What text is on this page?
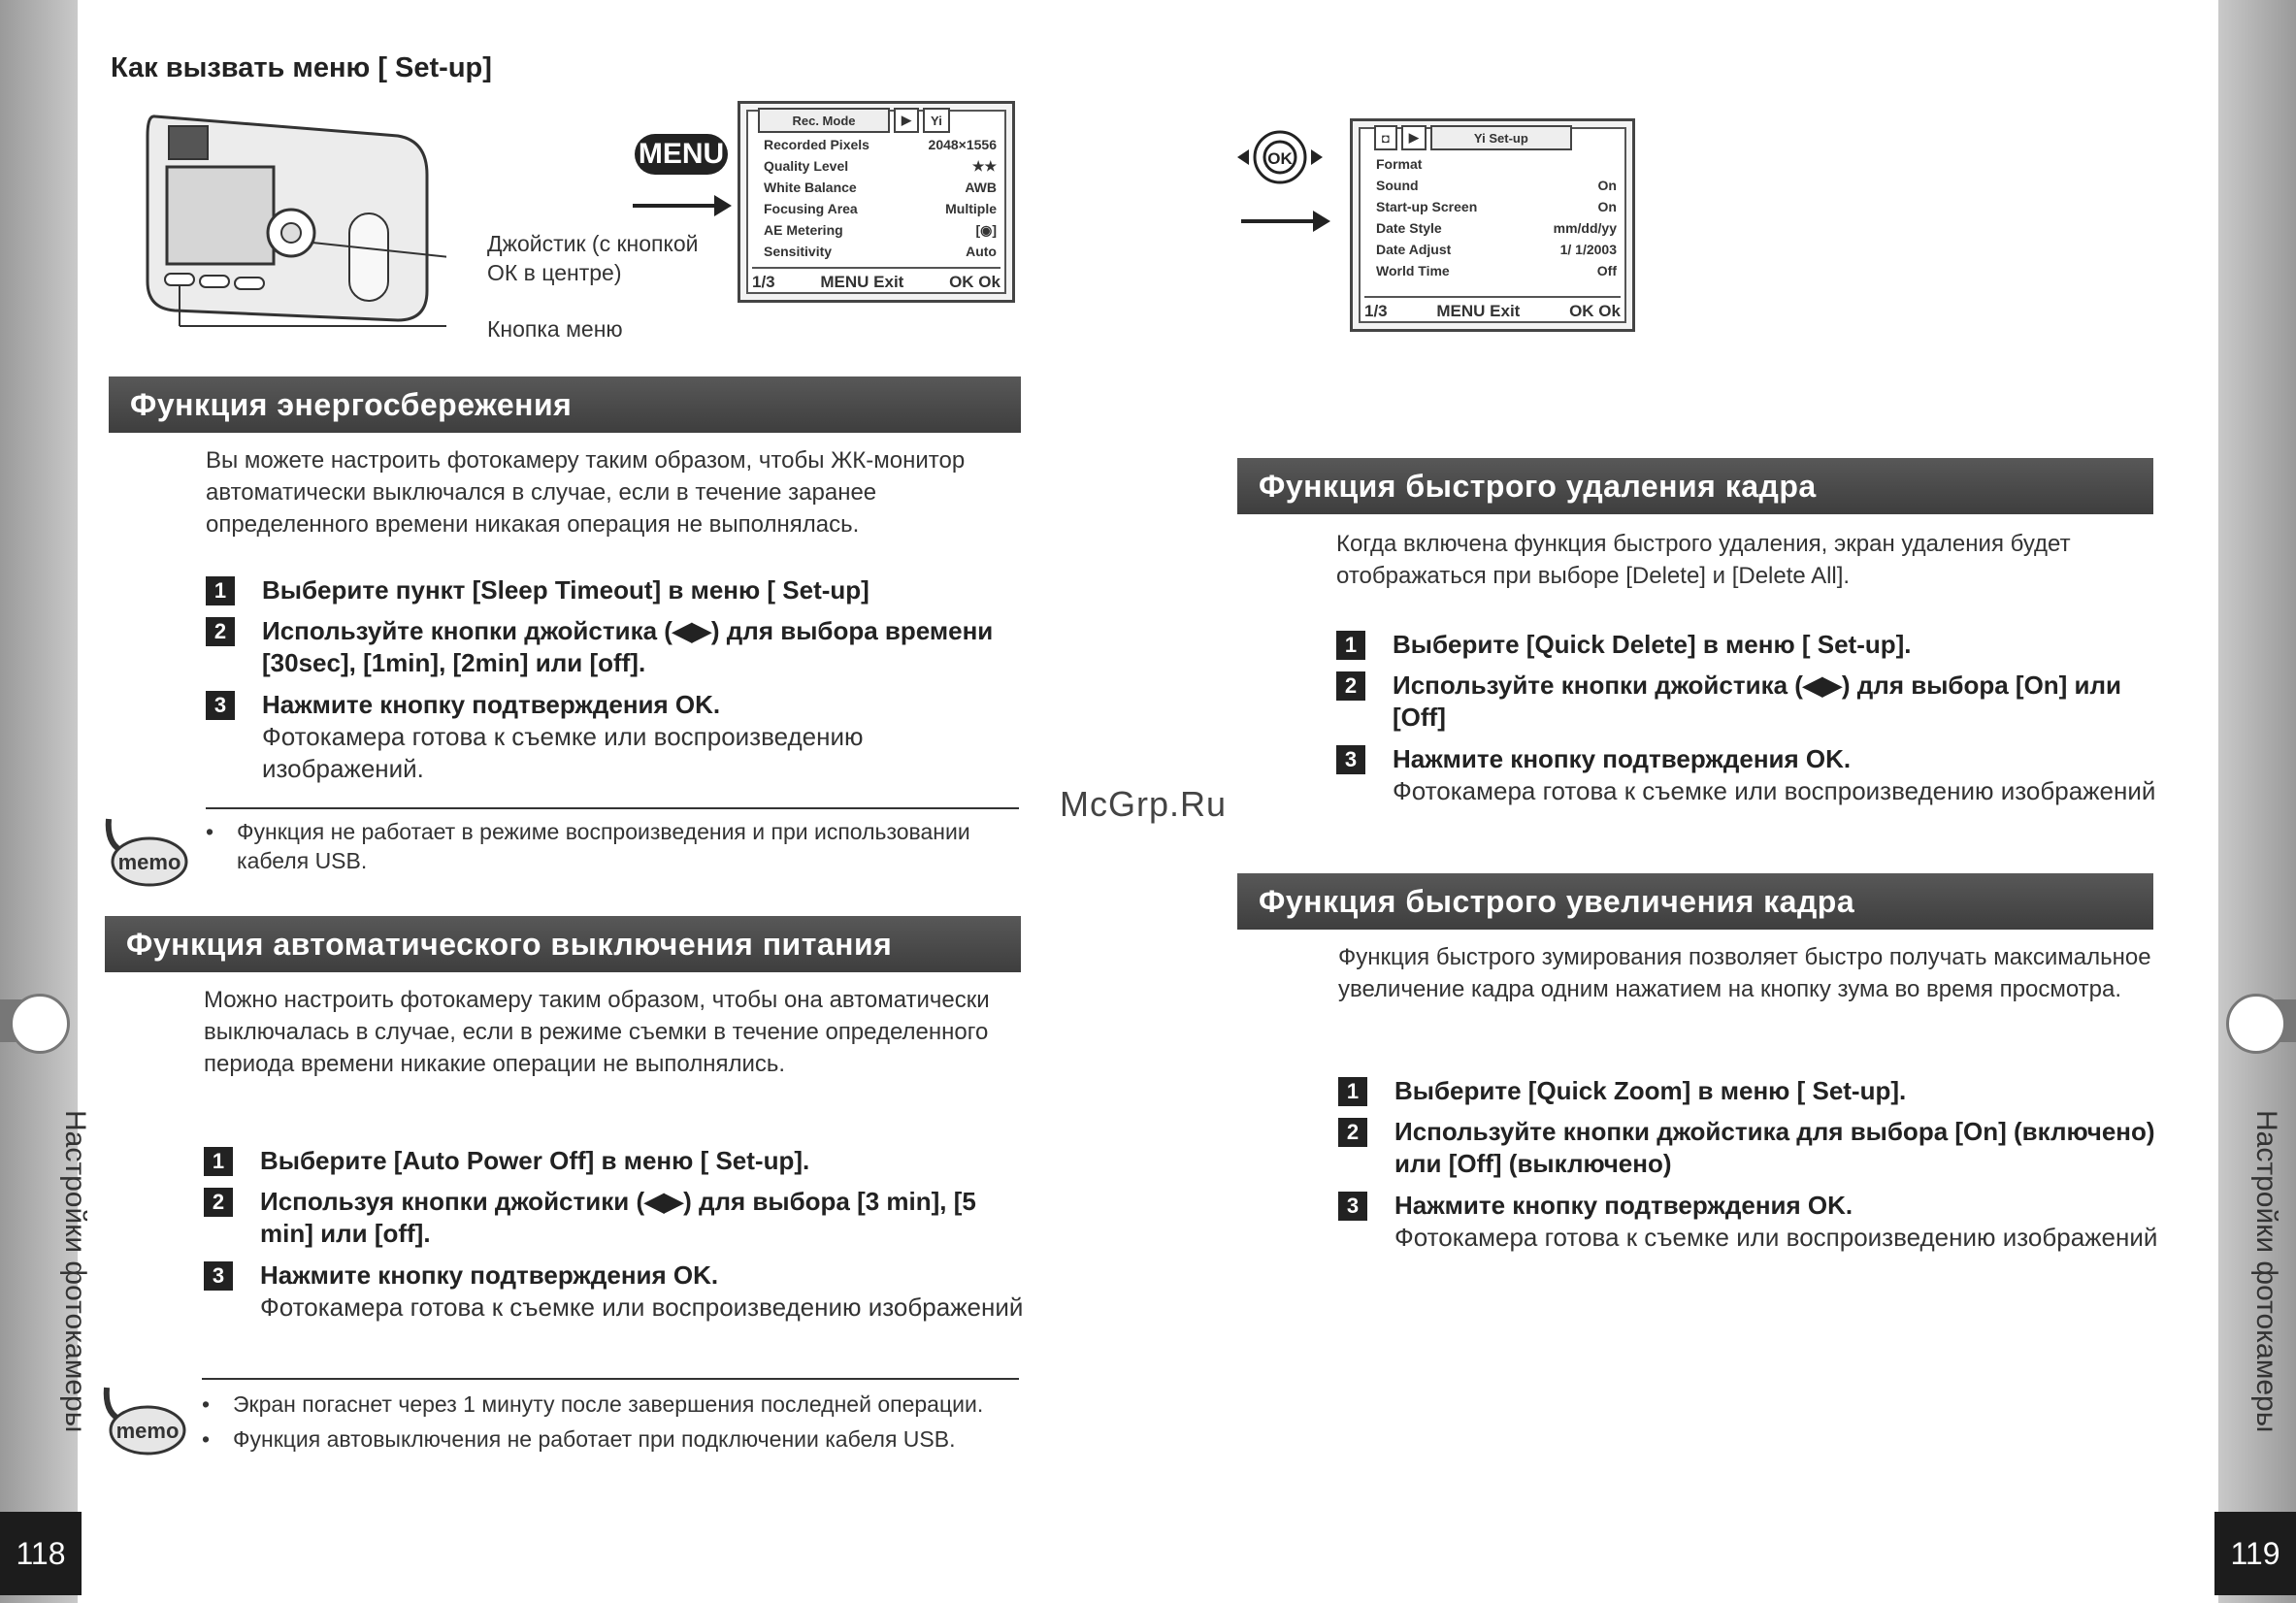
Настройки фотокамеры
118
Как вызвать меню [ Set-up]
Джойстик (с кнопкой ОК в центре)
Кнопка меню
MENU
Rec. Mode	▶	Yi
Recorded Pixels	2048×1556
Quality Level	★★
White Balance	AWB
Focusing Area	Multiple
AE Metering	[◉]
Sensitivity	Auto
1/3	MENU Exit	OK Ok
Функция энергосбережения
Вы можете настроить фотокамеру таким образом, чтобы ЖК-монитор автоматически выключался в случае, если в течение заранее определенного времени никакая операция не выполнялась.
1	Выберите пункт [Sleep Timeout] в меню [ Set-up]
2	Используйте кнопки джойстика (◀▶) для выбора времени [30sec], [1min], [2min] или [off].
3	Нажмите кнопку подтверждения OK.
Фотокамера готова к съемке или воспроизведению изображений.
memo
• Функция не работает в режиме воспроизведения и при использовании кабеля USB.
Функция автоматического выключения питания
Можно настроить фотокамеру таким образом, чтобы она автоматически выключалась в случае, если в режиме съемки в течение определенного периода времени никакие операции не выполнялись.
1	Выберите [Auto Power Off] в меню [ Set-up].
2	Используя кнопки джойстики (◀▶) для выбора [3 min], [5 min] или [off].
3	Нажмите кнопку подтверждения OK.
Фотокамера готова к съемке или воспроизведению изображений
memo
• Экран погаснет через 1 минуту после завершения последней операции.
• Функция автовыключения не работает при подключении кабеля USB.
Настройки фотокамеры
119
OK
◘	▶	Yi Set-up
Format
Sound	On
Start-up Screen	On
Date Style	mm/dd/yy
Date Adjust	1/ 1/2003
World Time	Off
1/3	MENU Exit	OK Ok
Функция быстрого удаления кадра
Когда включена функция быстрого удаления, экран удаления будет отображаться при выборе [Delete] и [Delete All].
1	Выберите [Quick Delete] в меню [ Set-up].
2	Используйте кнопки джойстика (◀▶) для выбора [On] или [Off]
3	Нажмите кнопку подтверждения OK.
Фотокамера готова к съемке или воспроизведению изображений
Функция быстрого увеличения кадра
Функция быстрого зумирования позволяет быстро получать максимальное увеличение кадра одним нажатием на кнопку зума во время просмотра.
1	Выберите [Quick Zoom] в меню [ Set-up].
2	Используйте кнопки джойстика для выбора [On] (включено) или [Off] (выключено)
3	Нажмите кнопку подтверждения OK.
Фотокамера готова к съемке или воспроизведению изображений
McGrp.Ru
